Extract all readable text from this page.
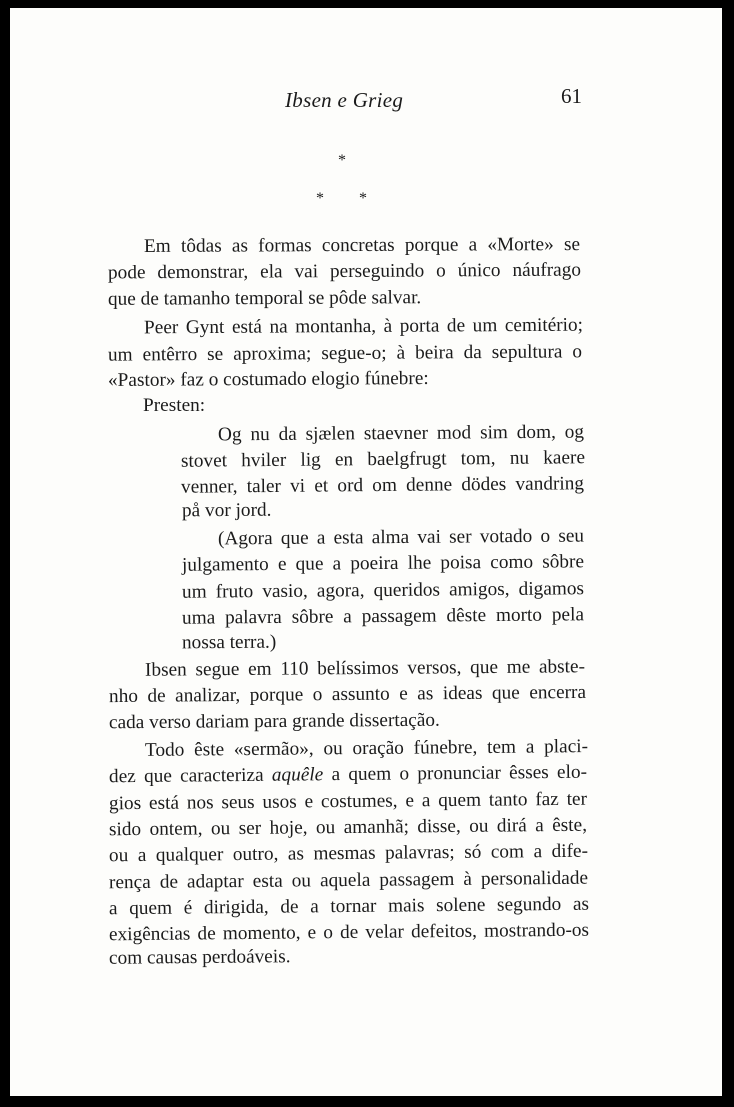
Ibsen e Grieg	61
*
* *
Em tôdas as formas concretas porque a «Morte» se
pode demonstrar, ela vai perseguindo o único náufrago
que de tamanho temporal se pôde salvar.
Peer Gynt está na montanha, à porta de um cemitério;
um entêrro se aproxima; segue-o; à beira da sepultura o
«Pastor» faz o costumado elogio fúnebre:
Presten:
Og nu da sjælen staevner mod sim dom, og
stovet hviler lig en baelgfrugt tom, nu kaere
venner, taler vi et ord om denne dödes vandring
på vor jord.
(Agora que a esta alma vai ser votado o seu
julgamento e que a poeira lhe poisa como sôbre
um fruto vasio, agora, queridos amigos, digamos
uma palavra sôbre a passagem dêste morto pela
nossa terra.)
Ibsen segue em 110 belíssimos versos, que me abste-
nho de analizar, porque o assunto e as ideas que encerra
cada verso dariam para grande dissertação.
Todo êste «sermão», ou oração fúnebre, tem a placi-
dez que caracteriza aquêle a quem o pronunciar êsses elo-
gios está nos seus usos e costumes, e a quem tanto faz ter
sido ontem, ou ser hoje, ou amanhã; disse, ou dirá a êste,
ou a qualquer outro, as mesmas palavras; só com a dife-
rença de adaptar esta ou aquela passagem à personalidade
a quem é dirigida, de a tornar mais solene segundo as
exigências de momento, e o de velar defeitos, mostrando-os
com causas perdoáveis.
